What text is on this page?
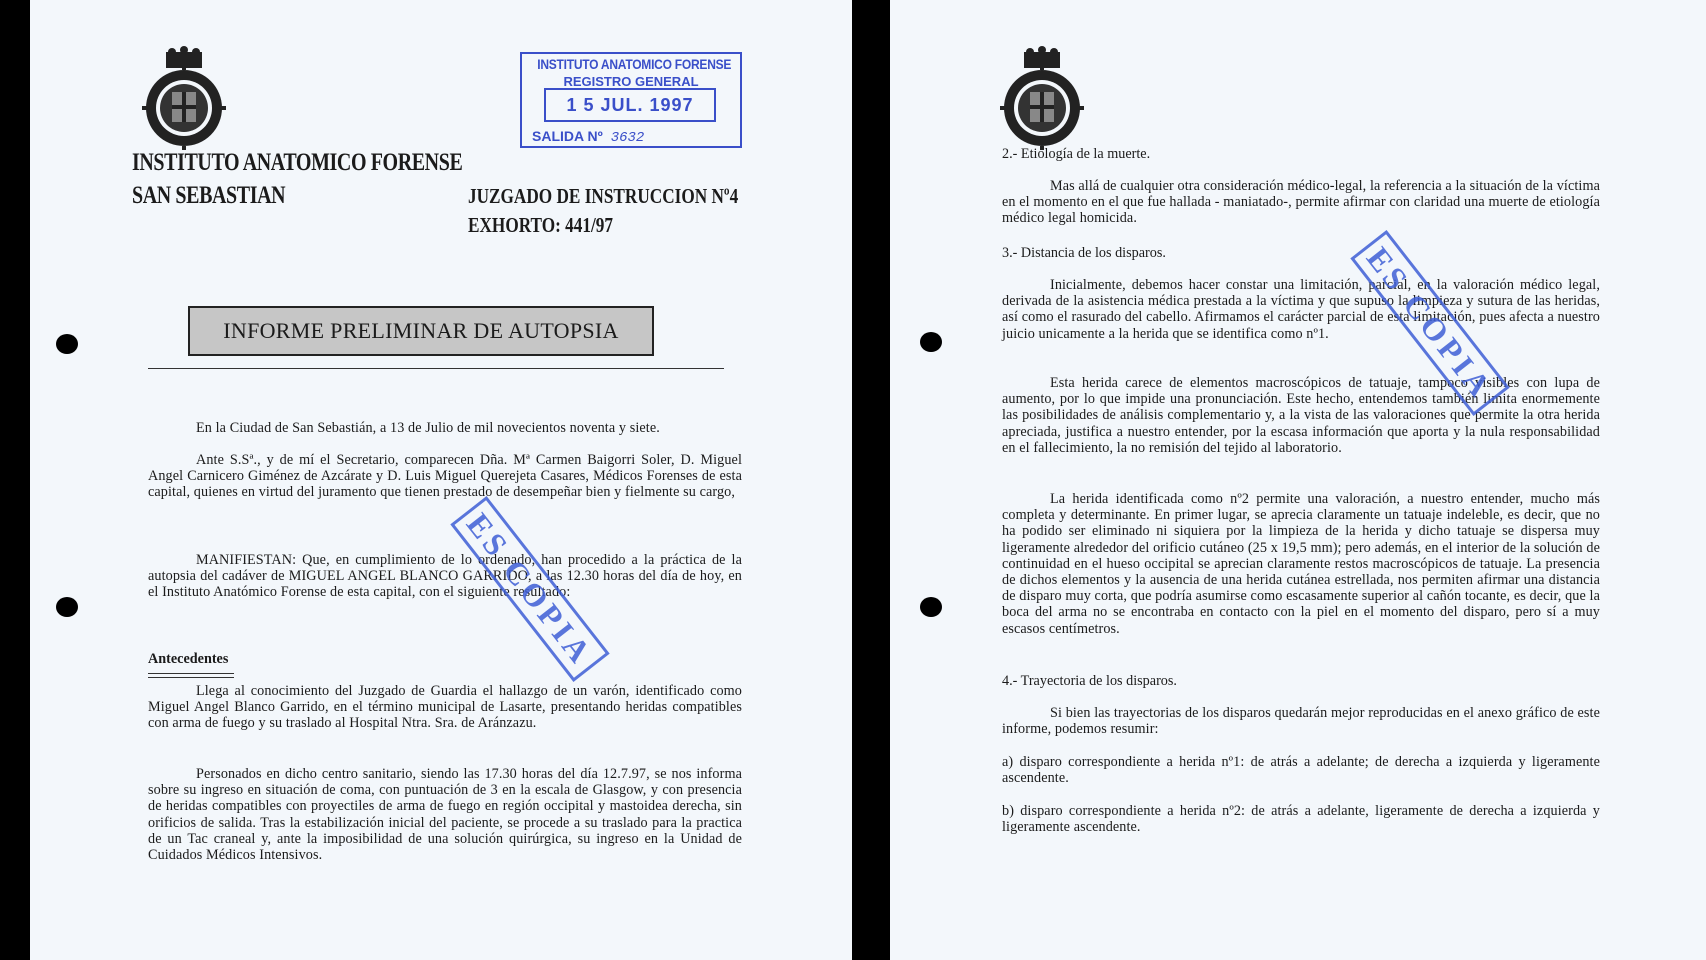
INSTITUTO ANATOMICO FORENSE
SAN SEBASTIAN
INSTITUTO ANATOMICO FORENSE
REGISTRO GENERAL
1 5 JUL. 1997
SALIDA Nº 3632
JUZGADO DE INSTRUCCION Nº4
EXHORTO: 441/97
INFORME PRELIMINAR DE AUTOPSIA

En la Ciudad de San Sebastián, a 13 de Julio de mil novecientos noventa y siete.

Ante S.Sª., y de mí el Secretario, comparecen Dña. Mª Carmen Baigorri Soler, D. Miguel Angel Carnicero Giménez de Azcárate y D. Luis Miguel Querejeta Casares, Médicos Forenses de esta capital, quienes en virtud del juramento que tienen prestado de desempeñar bien y fielmente su cargo,

MANIFIESTAN: Que, en cumplimiento de lo ordenado, han procedido a la práctica de la autopsia del cadáver de MIGUEL ANGEL BLANCO GARRIDO, a las 12.30 horas del día de hoy, en el Instituto Anatómico Forense de esta capital, con el siguiente resultado:

Antecedentes

Llega al conocimiento del Juzgado de Guardia el hallazgo de un varón, identificado como Miguel Angel Blanco Garrido, en el término municipal de Lasarte, presentando heridas compatibles con arma de fuego y su traslado al Hospital Ntra. Sra. de Aránzazu.

Personados en dicho centro sanitario, siendo las 17.30 horas del día 12.7.97, se nos informa sobre su ingreso en situación de coma, con puntuación de 3 en la escala de Glasgow, y con presencia de heridas compatibles con proyectiles de arma de fuego en región occipital y mastoidea derecha, sin orificios de salida. Tras la estabilización inicial del paciente, se procede a su traslado para la practica de un Tac craneal y, ante la imposibilidad de una solución quirúrgica, su ingreso en la Unidad de Cuidados Médicos Intensivos.

ES COPIA

2.- Etiología de la muerte.

Mas allá de cualquier otra consideración médico-legal, la referencia a la situación de la víctima en el momento en el que fue hallada - maniatado-, permite afirmar con claridad una muerte de etiología médico legal homicida.

3.- Distancia de los disparos.

Inicialmente, debemos hacer constar una limitación, parcial, en la valoración médico legal, derivada de la asistencia médica prestada a la víctima y que supuso la limpieza y sutura de las heridas, así como el rasurado del cabello. Afirmamos el carácter parcial de esta limitación, pues afecta a nuestro juicio unicamente a la herida que se identifica como nº1.

Esta herida carece de elementos macroscópicos de tatuaje, tampoco visibles con lupa de aumento, por lo que impide una pronunciación. Este hecho, entendemos también limita enormemente las posibilidades de análisis complementario y, a la vista de las valoraciones que permite la otra herida apreciada, justifica a nuestro entender, por la escasa información que aporta y la nula responsabilidad en el fallecimiento, la no remisión del tejido al laboratorio.

La herida identificada como nº2 permite una valoración, a nuestro entender, mucho más completa y determinante. En primer lugar, se aprecia claramente un tatuaje indeleble, es decir, que no ha podido ser eliminado ni siquiera por la limpieza de la herida y dicho tatuaje se dispersa muy ligeramente alrededor del orificio cutáneo (25 x 19,5 mm); pero además, en el interior de la solución de continuidad en el hueso occipital se aprecian claramente restos macroscópicos de tatuaje. La presencia de dichos elementos y la ausencia de una herida cutánea estrellada, nos permiten afirmar una distancia de disparo muy corta, que podría asumirse como escasamente superior al cañón tocante, es decir, que la boca del arma no se encontraba en contacto con la piel en el momento del disparo, pero sí a muy escasos centímetros.

4.- Trayectoria de los disparos.

Si bien las trayectorias de los disparos quedarán mejor reproducidas en el anexo gráfico de este informe, podemos resumir:

a) disparo correspondiente a herida nº1: de atrás a adelante; de derecha a izquierda y ligeramente ascendente.

b) disparo correspondiente a herida nº2: de atrás a adelante, ligeramente de derecha a izquierda y ligeramente ascendente.

ES COPIA
